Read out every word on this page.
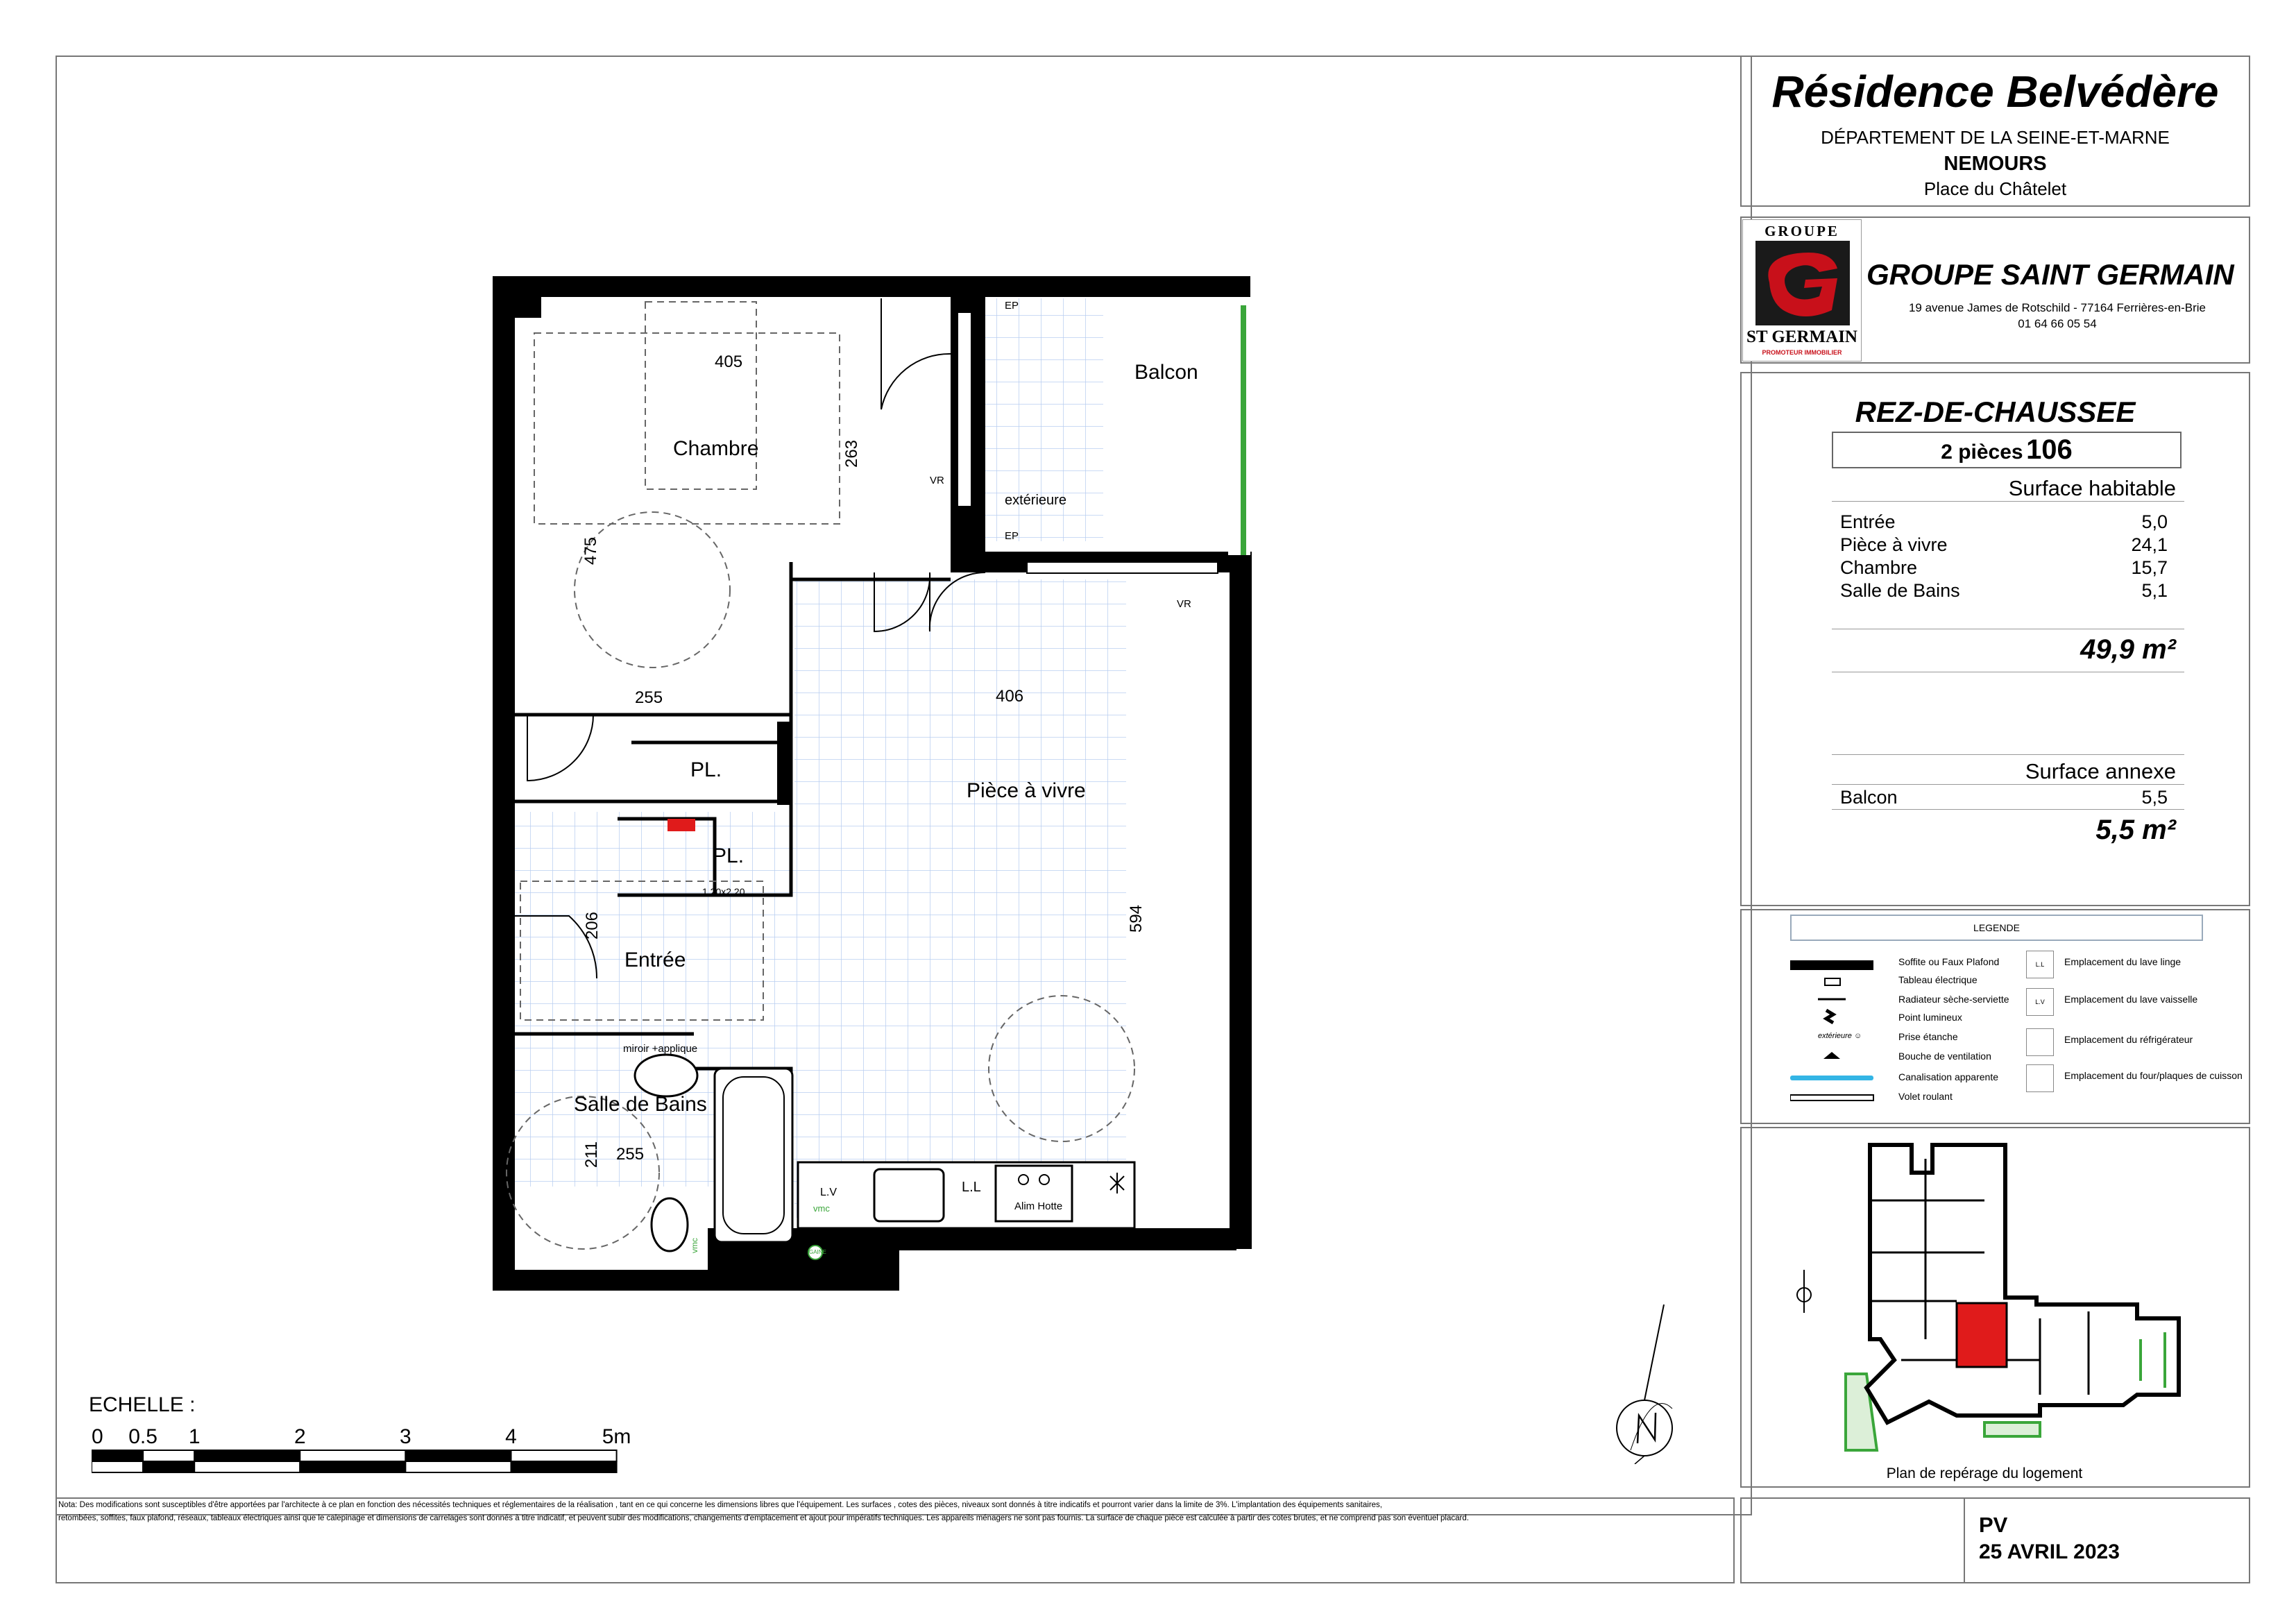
Résidence Belvédère
DÉPARTEMENT DE LA SEINE-ET-MARNE
NEMOURS
Place du Châtelet
GROUPE
ST GERMAIN
PROMOTEUR IMMOBILIER
GROUPE SAINT GERMAIN
19 avenue James de Rotschild - 77164 Ferrières-en-Brie
01 64 66 05 54
REZ-DE-CHAUSSEE
2 pièces 106
Surface habitable
Entrée	5,0
Pièce à vivre	24,1
Chambre	15,7
Salle de Bains	5,1
49,9 m²
Surface annexe
Balcon	5,5
5,5 m²
LEGENDE
extérieure ☺
Soffite ou Faux Plafond
Tableau électrique
Radiateur sèche-serviette
Point lumineux
Prise étanche
Bouche de ventilation
Canalisation apparente
Volet roulant
L.L	Emplacement du lave linge
L.V	Emplacement du lave vaisselle
Emplacement du réfrigérateur
Emplacement du four/plaques de cuisson
Plan de repérage du logement
PV
25 AVRIL 2023
Nota: Des modifications sont susceptibles d'être apportées par l'architecte à ce plan en fonction des nécessités techniques et réglementaires de la réalisation , tant en ce qui concerne les dimensions libres que l'équipement. Les surfaces , cotes des pièces, niveaux sont donnés à titre indicatifs et pourront varier dans la limite de 3%. L'implantation des équipements sanitaires,
retombées, soffites, faux plafond, réseaux, tableaux électriques ainsi que le calepinage et dimensions de carrelages sont donnés à titre indicatif, et peuvent subir des modifications, changements d'emplacement et ajout pour impératifs techniques. Les appareils ménagers ne sont pas fournis. La surface de chaque pièce est calculée à partir des cotes brutes, et ne comprend pas son éventuel placard.
ECHELLE :
0 0.5 1	2	3	4	5m
Chambre
Balcon
Pièce à vivre
Entrée
Salle de Bains
PL.
PL.
405
263
475
255	406
594
206
211 255
1.20x2.20
EP
EP
extérieure
VR
VR
miroir +applique
L.V	L.L
vmc
vmc
Alim Hotte
GAINE
